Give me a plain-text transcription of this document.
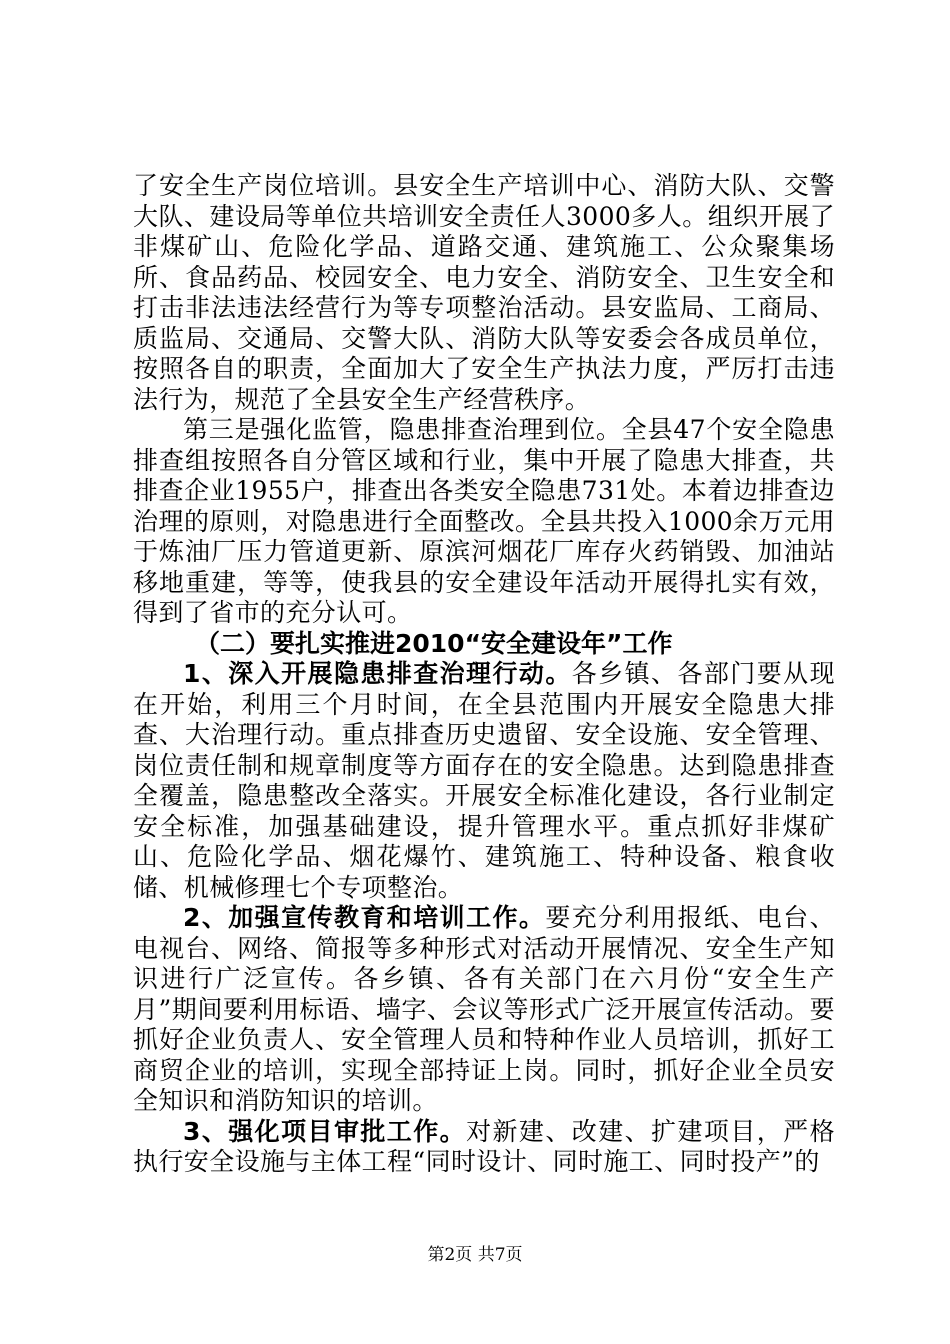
了安全生产岗位培训。县安全生产培训中心、消防大队、交警大队、建设局等单位共培训安全责任人3000多人。组织开展了非煤矿山、危险化学品、道路交通、建筑施工、公众聚集场所、食品药品、校园安全、电力安全、消防安全、卫生安全和打击非法违法经营行为等专项整治活动。县安监局、工商局、质监局、交通局、交警大队、消防大队等安委会各成员单位，按照各自的职责，全面加大了安全生产执法力度，严厉打击违法行为，规范了全县安全生产经营秩序。

第三是强化监管，隐患排查治理到位。全县47个安全隐患排查组按照各自分管区域和行业，集中开展了隐患大排查，共排查企业1955户，排查出各类安全隐患731处。本着边排查边治理的原则，对隐患进行全面整改。全县共投入1000余万元用于炼油厂压力管道更新、原滨河烟花厂库存火药销毁、加油站移地重建，等等，使我县的安全建设年活动开展得扎实有效，得到了省市的充分认可。

（二）要扎实推进2010“安全建设年”工作

1、深入开展隐患排查治理行动。各乡镇、各部门要从现在开始，利用三个月时间，在全县范围内开展安全隐患大排查、大治理行动。重点排查历史遗留、安全设施、安全管理、岗位责任制和规章制度等方面存在的安全隐患。达到隐患排查全覆盖，隐患整改全落实。开展安全标准化建设，各行业制定安全标准，加强基础建设，提升管理水平。重点抓好非煤矿山、危险化学品、烟花爆竹、建筑施工、特种设备、粮食收储、机械修理七个专项整治。

2、加强宣传教育和培训工作。要充分利用报纸、电台、电视台、网络、简报等多种形式对活动开展情况、安全生产知识进行广泛宣传。各乡镇、各有关部门在六月份“安全生产月”期间要利用标语、墙字、会议等形式广泛开展宣传活动。要抓好企业负责人、安全管理人员和特种作业人员培训，抓好工商贸企业的培训，实现全部持证上岗。同时，抓好企业全员安全知识和消防知识的培训。

3、强化项目审批工作。对新建、改建、扩建项目，严格执行安全设施与主体工程“同时设计、同时施工、同时投产”的

第2页 共7页
